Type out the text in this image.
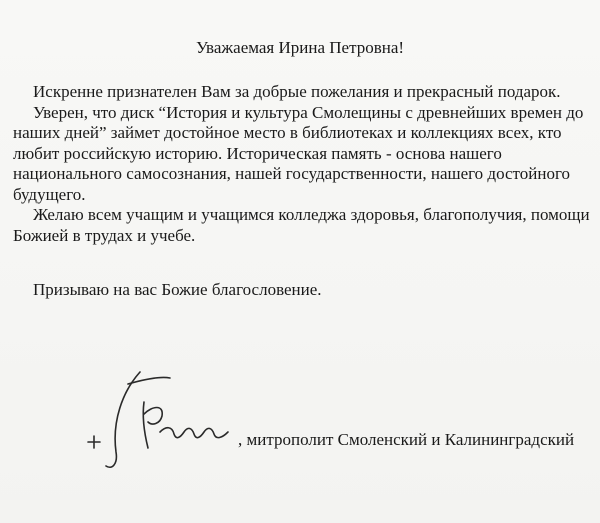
Уважаемая Ирина Петровна!

Искренне признателен Вам за добрые пожелания и прекрасный подарок.

Уверен, что диск “История и культура Смолещины с древнейших времен до наших дней” займет достойное место в библиотеках и коллекциях всех, кто любит российскую историю. Историческая память - основа нашего национального самосознания, нашей государственности, нашего достойного будущего.

Желаю всем учащим и учащимся колледжа здоровья, благополучия, помощи Божией в трудах и учебе.

Призываю на вас Божие благословение.

, митрополит Смоленский и Калининградский
